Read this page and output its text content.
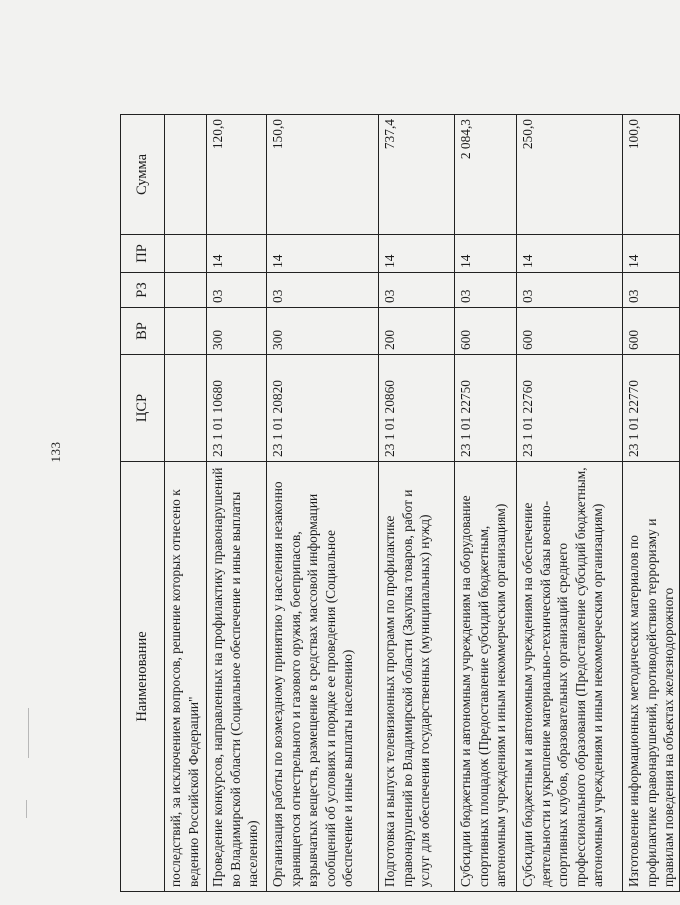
133
Наименование	ЦСР	ВР	РЗ	ПР	Сумма
последствий, за исключением вопросов, решение которых отнесено к ведению Российской Федерации"					
Проведение конкурсов, направленных на профилактику правонарушений во Владимирской области (Социальное обеспечение и иные выплаты населению)	23 1 01 10680	300	03	14	120,0
Организация работы по возмездному принятию у населения незаконно хранящегося огнестрельного и газового оружия, боеприпасов, взрывчатых веществ, размещение в средствах массовой информации сообщений об условиях и порядке ее проведения (Социальное обеспечение и иные выплаты населению)	23 1 01 20820	300	03	14	150,0
Подготовка и выпуск телевизионных программ по профилактике правонарушений во Владимирской области (Закупка товаров, работ и услуг для обеспечения государственных (муниципальных) нужд)	23 1 01 20860	200	03	14	737,4
Субсидии бюджетным и автономным учреждениям на оборудование спортивных площадок (Предоставление субсидий бюджетным, автономным учреждениям и иным некоммерческим организациям)	23 1 01 22750	600	03	14	2 084,3
Субсидии бюджетным и автономным учреждениям на обеспечение деятельности и укрепление материально-технической базы военно-спортивных клубов, образовательных организаций среднего профессионального образования (Предоставление субсидий бюджетным, автономным учреждениям и иным некоммерческим организациям)	23 1 01 22760	600	03	14	250,0
Изготовление информационных методических материалов по профилактике правонарушений, противодействию терроризму и правилам поведения на объектах железнодорожного	23 1 01 22770	600	03	14	100,0
